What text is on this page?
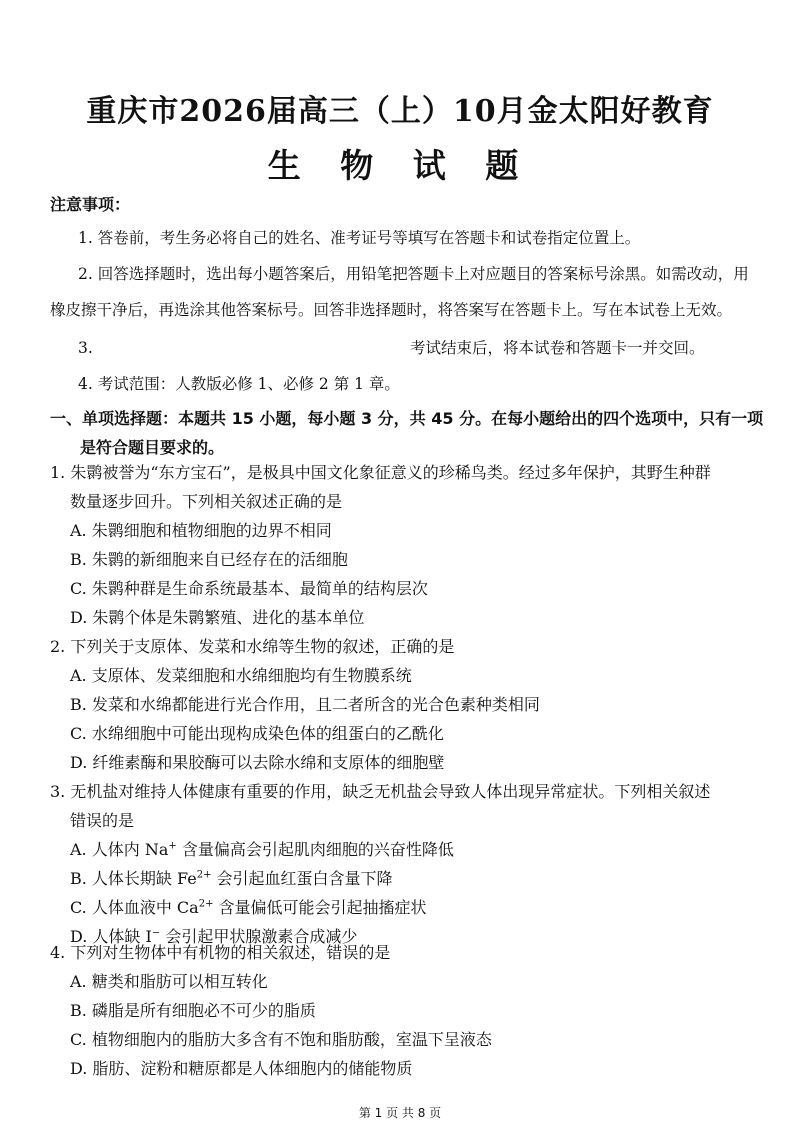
重庆市2026届高三（上）10月金太阳好教育
生 物 试 题
注意事项：
1. 答卷前，考生务必将自己的姓名、准考证号等填写在答题卡和试卷指定位置上。
2. 回答选择题时，选出每小题答案后，用铅笔把答题卡上对应题目的答案标号涂黑。如需改动，用
橡皮擦干净后，再选涂其他答案标号。回答非选择题时，将答案写在答题卡上。写在本试卷上无效。
3.	考试结束后，将本试卷和答题卡一并交回。
4. 考试范围：人教版必修 1、必修 2 第 1 章。
一、单项选择题：本题共 15 小题，每小题 3 分，共 45 分。在每小题给出的四个选项中，只有一项
是符合题目要求的。
1. 朱鹮被誉为“东方宝石”，是极具中国文化象征意义的珍稀鸟类。经过多年保护，其野生种群
数量逐步回升。下列相关叙述正确的是
A. 朱鹮细胞和植物细胞的边界不相同
B. 朱鹮的新细胞来自已经存在的活细胞
C. 朱鹮种群是生命系统最基本、最简单的结构层次
D. 朱鹮个体是朱鹮繁殖、进化的基本单位
2. 下列关于支原体、发菜和水绵等生物的叙述，正确的是
A. 支原体、发菜细胞和水绵细胞均有生物膜系统
B. 发菜和水绵都能进行光合作用，且二者所含的光合色素种类相同
C. 水绵细胞中可能出现构成染色体的组蛋白的乙酰化
D. 纤维素酶和果胶酶可以去除水绵和支原体的细胞壁
3. 无机盐对维持人体健康有重要的作用，缺乏无机盐会导致人体出现异常症状。下列相关叙述
错误的是
A. 人体内 Na+ 含量偏高会引起肌肉细胞的兴奋性降低
B. 人体长期缺 $Fe^{2+}$ 会引起血红蛋白含量下降
C. 人体血液中 $Ca^{2+}$ 含量偏低可能会引起抽搐症状
D. 人体缺 I− 会引起甲状腺激素合成减少
4. 下列对生物体中有机物的相关叙述，错误的是
A. 糖类和脂肪可以相互转化
B. 磷脂是所有细胞必不可少的脂质
C. 植物细胞内的脂肪大多含有不饱和脂肪酸，室温下呈液态
D. 脂肪、淀粉和糖原都是人体细胞内的储能物质
第 1 页 共 8 页
